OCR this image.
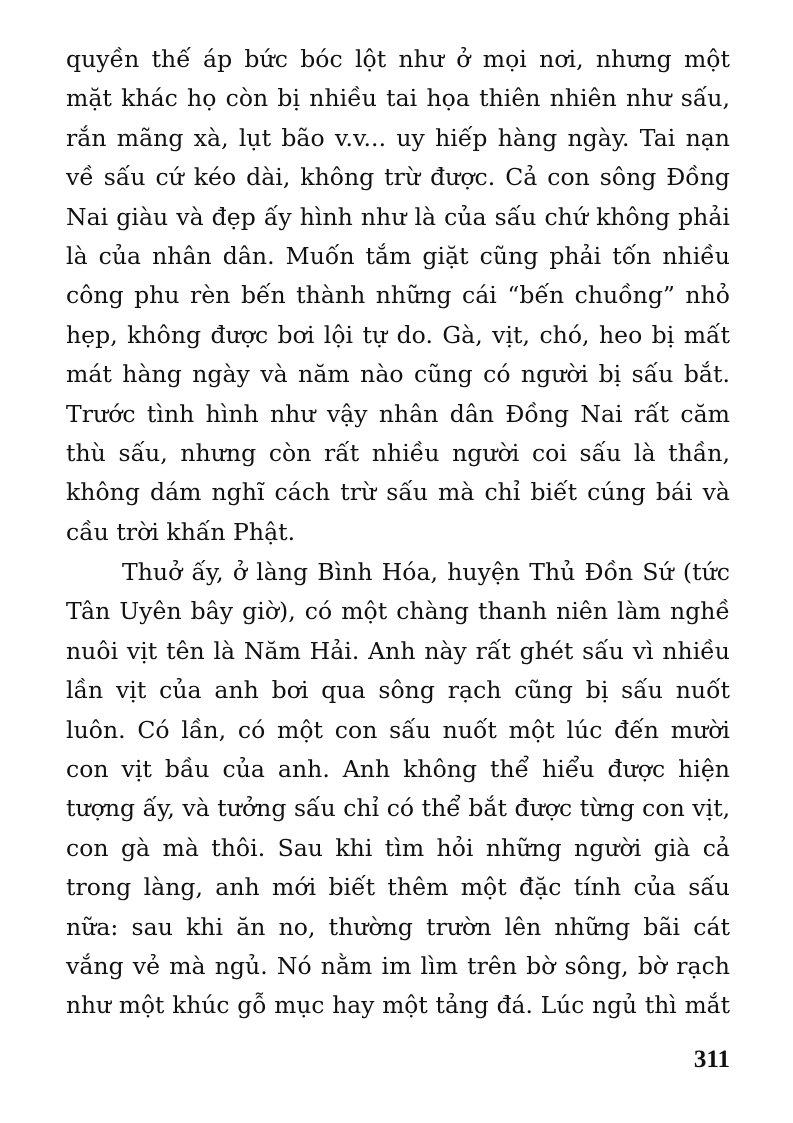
quyền thế áp bức bóc lột như ở mọi nơi, nhưng một
mặt khác họ còn bị nhiều tai họa thiên nhiên như sấu,
rắn mãng xà, lụt bão v.v... uy hiếp hàng ngày. Tai nạn
về sấu cứ kéo dài, không trừ được. Cả con sông Đồng
Nai giàu và đẹp ấy hình như là của sấu chứ không phải
là của nhân dân. Muốn tắm giặt cũng phải tốn nhiều
công phu rèn bến thành những cái “bến chuồng” nhỏ
hẹp, không được bơi lội tự do. Gà, vịt, chó, heo bị mất
mát hàng ngày và năm nào cũng có người bị sấu bắt.
Trước tình hình như vậy nhân dân Đồng Nai rất căm
thù sấu, nhưng còn rất nhiều người coi sấu là thần,
không dám nghĩ cách trừ sấu mà chỉ biết cúng bái và
cầu trời khấn Phật.
Thuở ấy, ở làng Bình Hóa, huyện Thủ Đồn Sứ (tức
Tân Uyên bây giờ), có một chàng thanh niên làm nghề
nuôi vịt tên là Năm Hải. Anh này rất ghét sấu vì nhiều
lần vịt của anh bơi qua sông rạch cũng bị sấu nuốt
luôn. Có lần, có một con sấu nuốt một lúc đến mười
con vịt bầu của anh. Anh không thể hiểu được hiện
tượng ấy, và tưởng sấu chỉ có thể bắt được từng con vịt,
con gà mà thôi. Sau khi tìm hỏi những người già cả
trong làng, anh mới biết thêm một đặc tính của sấu
nữa: sau khi ăn no, thường trườn lên những bãi cát
vắng vẻ mà ngủ. Nó nằm im lìm trên bờ sông, bờ rạch
như một khúc gỗ mục hay một tảng đá. Lúc ngủ thì mắt
311
